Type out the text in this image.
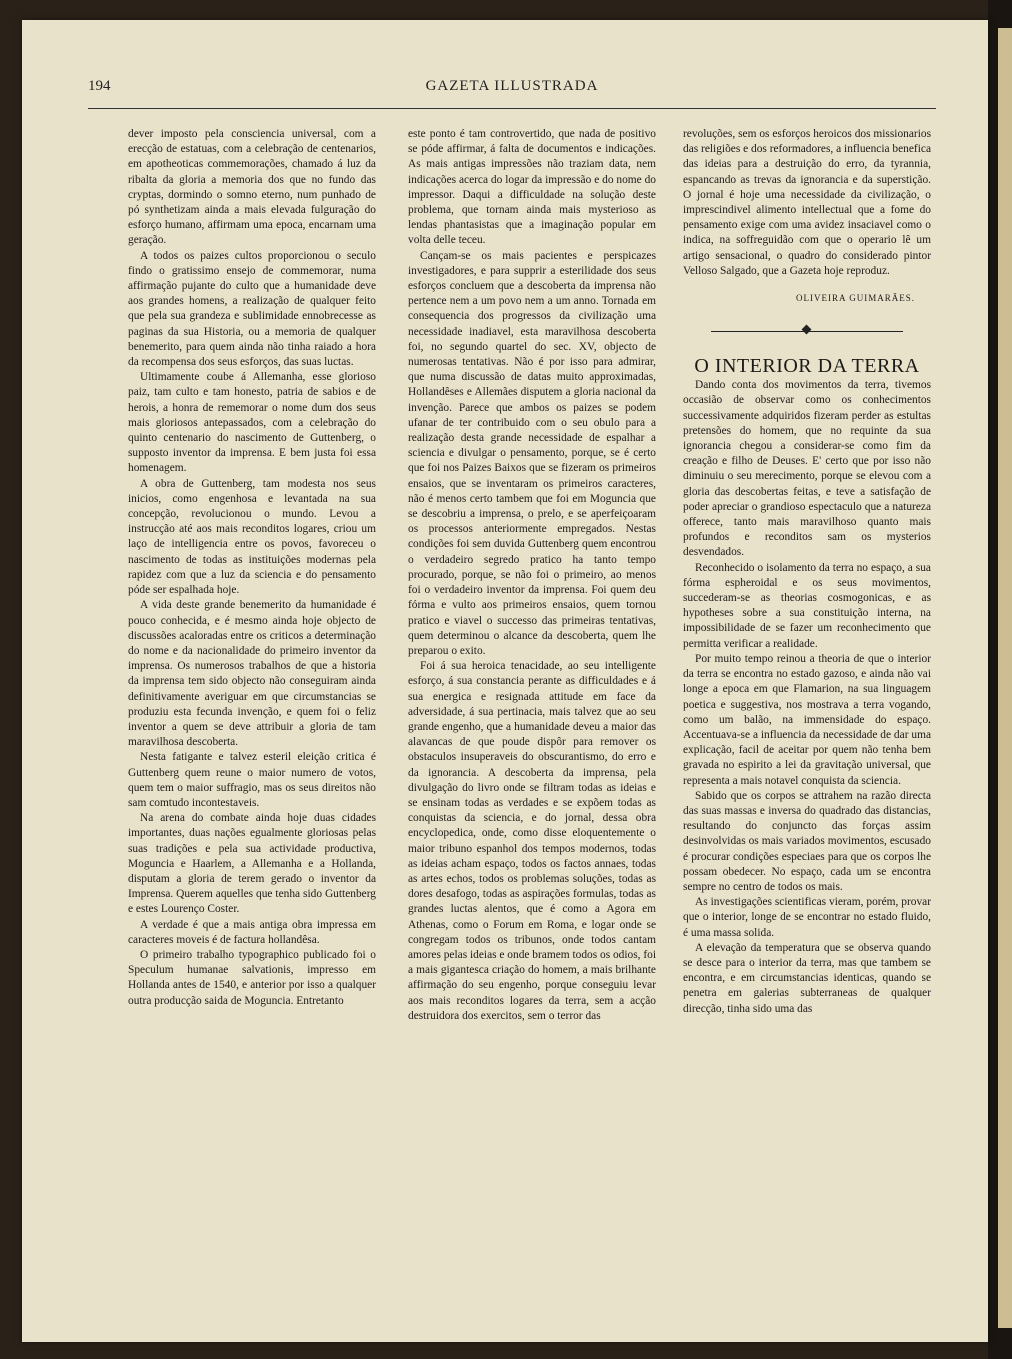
194	GAZETA ILLUSTRADA

dever imposto pela consciencia universal, com a erecção de estatuas, com a celebração de centenarios, em apotheoticas commemorações, chamado á luz da ribalta da gloria a memoria dos que no fundo das cryptas, dormindo o somno eterno, num punhado de pó synthetizam ainda a mais elevada fulguração do esforço humano, affirmam uma epoca, encarnam uma geração.

A todos os paizes cultos proporcionou o seculo findo o gratissimo ensejo de commemorar, numa affirmação pujante do culto que a humanidade deve aos grandes homens, a realização de qualquer feito que pela sua grandeza e sublimidade ennobrecesse as paginas da sua Historia, ou a memoria de qualquer benemerito, para quem ainda não tinha raiado a hora da recompensa dos seus esforços, das suas luctas.

Ultimamente coube á Allemanha, esse glorioso paiz, tam culto e tam honesto, patria de sabios e de herois, a honra de rememorar o nome dum dos seus mais gloriosos antepassados, com a celebração do quinto centenario do nascimento de Guttenberg, o supposto inventor da imprensa. E bem justa foi essa homenagem.

A obra de Guttenberg, tam modesta nos seus inicios, como engenhosa e levantada na sua concepção, revolucionou o mundo. Levou a instrucção até aos mais reconditos logares, criou um laço de intelligencia entre os povos, favoreceu o nascimento de todas as instituições modernas pela rapidez com que a luz da sciencia e do pensamento póde ser espalhada hoje.

A vida deste grande benemerito da humanidade é pouco conhecida, e é mesmo ainda hoje objecto de discussões acaloradas entre os criticos a determinação do nome e da nacionalidade do primeiro inventor da imprensa. Os numerosos trabalhos de que a historia da imprensa tem sido objecto não conseguiram ainda definitivamente averiguar em que circumstancias se produziu esta fecunda invenção, e quem foi o feliz inventor a quem se deve attribuir a gloria de tam maravilhosa descoberta.

Nesta fatigante e talvez esteril eleição critica é Guttenberg quem reune o maior numero de votos, quem tem o maior suffragio, mas os seus direitos não sam comtudo incontestaveis.

Na arena do combate ainda hoje duas cidades importantes, duas nações egualmente gloriosas pelas suas tradições e pela sua actividade productiva, Moguncia e Haarlem, a Allemanha e a Hollanda, disputam a gloria de terem gerado o inventor da Imprensa. Querem aquelles que tenha sido Guttenberg e estes Lourenço Coster.

A verdade é que a mais antiga obra impressa em caracteres moveis é de factura hollandêsa.

O primeiro trabalho typographico publicado foi o Speculum humanae salvationis, impresso em Hollanda antes de 1540, e anterior por isso a qualquer outra producção saida de Moguncia. Entretanto

este ponto é tam controvertido, que nada de positivo se póde affirmar, á falta de documentos e indicações. As mais antigas impressões não traziam data, nem indicações acerca do logar da impressão e do nome do impressor. Daqui a difficuldade na solução deste problema, que tornam ainda mais mysterioso as lendas phantasistas que a imaginação popular em volta delle teceu.

Cançam-se os mais pacientes e perspicazes investigadores, e para supprir a esterilidade dos seus esforços concluem que a descoberta da imprensa não pertence nem a um povo nem a um anno. Tornada em consequencia dos progressos da civilização uma necessidade inadiavel, esta maravilhosa descoberta foi, no segundo quartel do sec. XV, objecto de numerosas tentativas. Não é por isso para admirar, que numa discussão de datas muito approximadas, Hollandêses e Allemães disputem a gloria nacional da invenção. Parece que ambos os paizes se podem ufanar de ter contribuido com o seu obulo para a realização desta grande necessidade de espalhar a sciencia e divulgar o pensamento, porque, se é certo que foi nos Paizes Baixos que se fizeram os primeiros ensaios, que se inventaram os primeiros caracteres, não é menos certo tambem que foi em Moguncia que se descobriu a imprensa, o prelo, e se aperfeiçoaram os processos anteriormente empregados. Nestas condições foi sem duvida Guttenberg quem encontrou o verdadeiro segredo pratico ha tanto tempo procurado, porque, se não foi o primeiro, ao menos foi o verdadeiro inventor da imprensa. Foi quem deu fórma e vulto aos primeiros ensaios, quem tornou pratico e viavel o successo das primeiras tentativas, quem determinou o alcance da descoberta, quem lhe preparou o exito.

Foi á sua heroica tenacidade, ao seu intelligente esforço, á sua constancia perante as difficuldades e á sua energica e resignada attitude em face da adversidade, á sua pertinacia, mais talvez que ao seu grande engenho, que a humanidade deveu a maior das alavancas de que poude dispôr para remover os obstaculos insuperaveis do obscurantismo, do erro e da ignorancia. A descoberta da imprensa, pela divulgação do livro onde se filtram todas as ideias e se ensinam todas as verdades e se expõem todas as conquistas da sciencia, e do jornal, dessa obra encyclopedica, onde, como disse eloquentemente o maior tribuno espanhol dos tempos modernos, todas as ideias acham espaço, todos os factos annaes, todas as artes echos, todos os problemas soluções, todas as dores desafogo, todas as aspirações formulas, todas as grandes luctas alentos, que é como a Agora em Athenas, como o Forum em Roma, e logar onde se congregam todos os tribunos, onde todos cantam amores pelas ideias e onde bramem todos os odios, foi a mais gigantesca criação do homem, a mais brilhante affirmação do seu engenho, porque conseguiu levar aos mais reconditos logares da terra, sem a acção destruidora dos exercitos, sem o terror das

revoluções, sem os esforços heroicos dos missionarios das religiões e dos reformadores, a influencia benefica das ideias para a destruição do erro, da tyrannia, espancando as trevas da ignorancia e da superstição. O jornal é hoje uma necessidade da civilização, o imprescindivel alimento intellectual que a fome do pensamento exige com uma avidez insaciavel como o indica, na soffreguidão com que o operario lê um artigo sensacional, o quadro do considerado pintor Velloso Salgado, que a Gazeta hoje reproduz.

OLIVEIRA GUIMARÃES.

O INTERIOR DA TERRA

Dando conta dos movimentos da terra, tivemos occasião de observar como os conhecimentos successivamente adquiridos fizeram perder as estultas pretensões do homem, que no requinte da sua ignorancia chegou a considerar-se como fim da creação e filho de Deuses. E' certo que por isso não diminuiu o seu merecimento, porque se elevou com a gloria das descobertas feitas, e teve a satisfação de poder apreciar o grandioso espectaculo que a natureza offerece, tanto mais maravilhoso quanto mais profundos e reconditos sam os mysterios desvendados.

Reconhecido o isolamento da terra no espaço, a sua fórma espheroidal e os seus movimentos, succederam-se as theorias cosmogonicas, e as hypotheses sobre a sua constituição interna, na impossibilidade de se fazer um reconhecimento que permitta verificar a realidade.

Por muito tempo reinou a theoria de que o interior da terra se encontra no estado gazoso, e ainda não vai longe a epoca em que Flamarion, na sua linguagem poetica e suggestiva, nos mostrava a terra vogando, como um balão, na immensidade do espaço. Accentuava-se a influencia da necessidade de dar uma explicação, facil de aceitar por quem não tenha bem gravada no espirito a lei da gravitação universal, que representa a mais notavel conquista da sciencia.

Sabido que os corpos se attrahem na razão directa das suas massas e inversa do quadrado das distancias, resultando do conjuncto das forças assim desinvolvidas os mais variados movimentos, escusado é procurar condições especiaes para que os corpos lhe possam obedecer. No espaço, cada um se encontra sempre no centro de todos os mais.

As investigações scientificas vieram, porém, provar que o interior, longe de se encontrar no estado fluido, é uma massa solida.

A elevação da temperatura que se observa quando se desce para o interior da terra, mas que tambem se encontra, e em circumstancias identicas, quando se penetra em galerias subterraneas de qualquer direcção, tinha sido uma das
